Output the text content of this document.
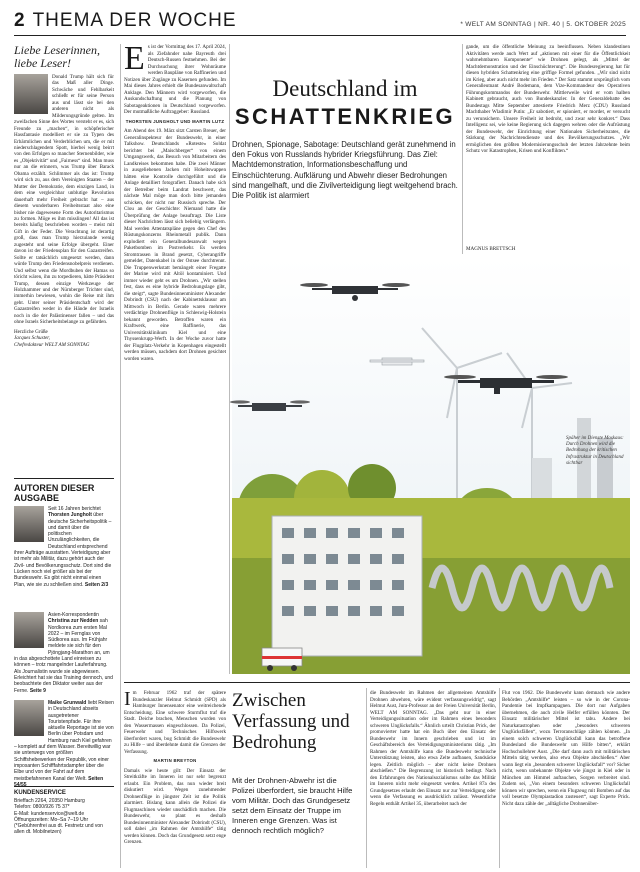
2 THEMA DER WOCHE	* WELT AM SONNTAG | NR. 40 | 5. OKTOBER 2025
Liebe Leserinnen, liebe Leser!
Donald Trump hält sich für das Maß aller Dinge. Schwäche und Fehlbarkeit schließt er für seine Person aus und lässt sie bei den anderen nicht als Milderungsgründe gelten. Im zweifachen Sinne des Wortes versteht er es, sich Freunde zu „machen“, in schöpferischer Hassfantasie modelliert er sie zu Typen des Erbärmlichen und Verderblichen um, die er mit niederschlagendem Spott, hierbei wenig beirrt von den Erfolgen so mancher Sternenbilder, wie es „Objektivität“ und „Fairness“ sind. Man muss nur an die erinnern, was Trump über Barack Obama erzählt. Schlimmer als das ist: Trump wird sich zu, aus dem Vereinigten Staaten – der Mutter der Demokratie, dem einzigen Land, in dem eine vergleichbar unblutige Revolution dauerhaft mehr Freiheit gebracht hat – aus diesem wunderbaren Freiheitsstaat also eine bisher nie dagewesene Form des Autoritarismus zu formen. Möge es ihm misslingen! All das ist bereits häufig beschrieben worden – meist mit Gift in der Feder. Die Verachtung ist derartig groß, dass man Trump hierzulande wenig zugesteht und seine Erfolge übergeht. Einer davon ist der Friedensplan für den Gazastreifen. Sollte er tatsächlich umgesetzt werden, dann würde Trump den Friedensnobelpreis verdienen. Und selbst wenn die Mordbuben der Hamas so töricht wären, ihn zu torpedieren, hätte Präsident Trump, dessen einzige Werkzeuge der Holzhammer und der Nürnberger Trichter sind, immerhin bewiesen, wohin die Reise mit ihm geht. Unter seiner Präsidentschaft wird der Gazastreifen weder in die Hände der Israelis noch in die der Palästinenser fallen – und das ohne Israels Sicherheitsbelange zu gefährden.

Herzliche Grüße

Jacques Schuster,

Chefredakteur WELT AM SONNTAG

AUTOREN DIESER AUSGABE
Seit 16 Jahren berichtet Thorsten Jungholt über deutsche Sicherheitspolitik – und damit über die politischen Unzulänglichkeiten, die Deutschland entsprechend ihrer Aufträge ausstatten. Verteidigung aber ist mehr als Militär, dazu gehört auch der Zivil- und Bevölkerungsschutz. Dort sind die Lücken noch viel größer als bei der Bundeswehr. Es gibt nicht einmal einen Plan, wie sie zu schließen sind. Seiten 2/3
Asien-Korrespondentin Christina zur Nedden sah Nordkorea zum ersten Mal 2022 – im Fernglas von Südkorea aus. Im Frühjahr meldete sie sich für den Pjöngjang-Marathon an, um in das abgeschottete Land einreisen zu können – trotz mangelnder Lauferfahrung. Als Journalistin wurde sie abgewiesen. Erleichtert hat sie das Training dennoch, und beobachtete den Diktator weiter aus der Ferne. Seite 9
Maike Grunwald liebt Reisen in Deutschland abseits ausgetretener Touristenpfade. Für ihre aktuelle Reportage ist sie von Berlin über Potsdam und Hamburg nach Kiel gefahren – komplett auf dem Wasser. Bereitwillig war sie unterwegs von größten Schiffshebewerken der Republik, von einer imposanten Schifffahrtsdampfer über die Elbe und von der Fahrt auf dem meistbefahrenen Kanal der Welt. Seiten 54/55
KUNDENSERVICE
Brieffach 2264, 20350 Hamburg
Telefon: 0800/926 75 37*
E-Mail: kundenservice@welt.de
Öffnungszeiten: Mo–Sa 7–19 Uhr
(*Gebührenfrei aus dt. Festnetz und von allen dt. Mobilnetzen)
E s ist der Vormittag des 17. April 2024, als Ziefahnder nahe Bayreuth drei Deutsch-Russen festnehmen. Bei der Durchsuchung ihrer Wohnräume werden Baupläne von Raffinerien und Notizen über Zugänge zu Kasernen gefunden. Im Mai dieses Jahres erhielt die Bundesanwaltschaft Anklage. Den Männern wird vorgeworfen, die Auskundschaftung und die Planung von Sabotageaktionen in Deutschland vorgeworfen. Der mutmaßliche Auftraggeber: Russland.
THORSTEN JUNGHOLT UND MARTIN LUTZ
Am Abend des 19. März sitzt Carsten Breuer, der Generalinspekteur der Bundeswehr, in einer Talkshow. Deutschlands »Roteste« Soldat berichtet bei „Maischberger“ von einem Umgangswerk, das Besuch von Mitarbeitern des Landkreises bekommen habe. Die zwei Männer in ausgeliehenen Jacken mit Hoheitswappen hätten eine Kontrolle durchgeführt und die Anlage detailliert fotografiert. Danach habe sich der Betreiber beim Landrat beschwert, das nächste Mal möge man doch bitte jemanden schicken, der nicht nur Russisch spreche. Der Clou an der Geschichte: Niemand hatte die Überprüfung der Anlage beauftragt. Die Liste dieser Nachrichten lässt sich beliebig verlängern. Mal werden Attentatspläne gegen den Chef des Rüstungskonzerns Rheinmetall publik. Dann explodiert ein Generalbundesanwalt wegen Paketbomben im Postverkehr. Es werden Stromtrassen in Brand gesetzt, Cyberangriffe gemeldet, Datenkabel in der Ostsee durchtrennt. Die Truppenwerkstatt bemängelt einer Fregatte der Marine wird mit Altöl kontaminiert. Und immer wieder geht es um Drohnen. „Wir stellen fest, dass es eine hybride Bedrohungslage gibt, die steigt“, sagte Bundesinnenminister Alexander Dobrindt (CSU) nach der Kabinettsklausur am Mittwoch in Berlin. Gerade waren mehrere verdächtige Drohnenflüge in Schleswig-Holstein bekannt geworden. Betroffen waren ein Kraftwerk, eine Raffinerie, das Universitätsklinikum Kiel und eine Thyssenkrupp-Werft. In der Woche zuvor hatte der Flugplatz-Verkehr in Kopenhagen eingestellt werden müssen, nachdem dort Drohnen gesichtet worden waren.
Deutschland im
SCHATTENKRIEG
Drohnen, Spionage, Sabotage: Deutschland gerät zunehmend in den Fokus von Russlands hybrider Kriegsführung. Das Ziel: Machtdemonstration, Informationsbeschaffung und Einschüchterung. Aufklärung und Abwehr dieser Bedrohungen sind mangelhaft, und die Zivilverteidigung liegt weitgehend brach. Die Politik ist alarmiert
gande, um die öffentliche Meinung zu beeinflussen. Neben klandestinen Aktivitäten werde auch Wert auf „aktionen mit einer für die Öffentlichkeit wahrnehmbaren Komponente“ wie Drohnen gelegt, als „Mittel der Machtdemonstration und der Einschüchterung“. Die Bundesregierung hat für diesen hybriden Schattenkrieg eine griffige Formel gefunden. „Wir sind nicht im Krieg, aber auch nicht mehr im Frieden.“ Der Satz stammt ursprünglich vom Generalleutnant André Bodemann, dem Vize-Kommandeur des Operativen Führungskommandos der Bundeswehr. Mittlerweile wird er vom halben Kabinett gebraucht, auch von Bundeskanzler. In der Generaldebatte des Bundestags Mitte September attestierte Friedrich Merz (CDU) Russland Machthaber Wladimir Putin: „Er sabotiert, er spioniert, er mordet, er versucht zu verunsichern. Unsere Freiheit ist bedroht, und zwar sehr konkret.“ Dass Intelligenz sei, wie keine Regierung sich dagegen wehren oder die Aufrüstung der Bundeswehr, der Einrichtung einer Nationalen Sicherheitsrates, die Stärkung der Nachrichtendienste und des Bevölkerungsschutzes. „Wir ermöglichen den größten Modernisierungsschub der letzten Jahrzehnte beim Schutz vor Katastrophen, Krisen und Konflikten.“
Späher im Dienste Moskaus: Durch Drohnen wird die Bedrohung der kritischen Infrastruktur in Deutschland sichtbar
Zwischen Verfassung und Bedrohung
Mit der Drohnen-Abwehr ist die Polizei überfordert, sie braucht Hilfe vom Militär. Doch das Grundgesetz setzt dem Einsatz der Truppe im Inneren enge Grenzen. Was ist dennoch rechtlich möglich?
I m Februar 1962 traf der spätere Bundeskanzler Helmut Schmidt (SPD) als Hamburger Innensenator eine weitreichende Entscheidung. Eine schwere Sturmflut traf die Stadt. Deiche brachen, Menschen wurden von den Wassermassen eingeschlossen. Da Polizei, Feuerwehr und Technisches Hilfswerk überfordert waren, bog Schmidt die Bundeswehr zu Hilfe – und überdehnte damit die Grenzen der Verfassung.
MARTIN BREYTON
Damals wie heute gilt: Der Einsatz der Streitkräfte im Inneren ist nur sehr begrenzt erlaubt. Ein Problem, das nun wieder breit diskutiert wird. Wegen zunehmender Drohnenflüge in jüngster Zeit ist die Politik alarmiert. Bislang kann allein die Polizei die Flugmaschinen wieder unschädlich machen. Die Bundeswehr, so plant es deshalb Bundesinnenminister Alexander Dobrindt (CSU), soll dabei „im Rahmen der Amtshilfe“ tätig werden können. Doch das Grundgesetz setzt enge Grenzen.
die Bundeswehr im Rahmen der allgemeinen Amtshilfe Drohnen abwehren, wäre evident verfassungswidrig“, sagt Helmut Aust, Jura-Professor an der Freien Universität Berlin, WELT AM SONNTAG. „Das geht nur in einer Verteidigungssituation oder im Rahmen eines besonders schweren Unglücksfalls.“ Ähnlich urteilt Christian Prick, der promovierter hatte hat ein Buch über den Einsatz der Bundeswehr im Innern geschrieben und ist im Geschäftsbereich des Verteidigungsministeriums tätig. „Im Rahmen der Amtshilfe kann die Bundeswehr technische Unterstützung leisten, also etwa Zelte aufbauen, Sandsäcke legen. Zeitlich möglich – aber nicht keine Drohnen abschießen.“ Die Begrenzung ist historisch bedingt. Nach den Erfahrungen des Nationalsozialismus sollte das Militär im Inneren nicht mehr eingesetzt werden. Artikel 87a des Grundgesetzes erlaubt den Einsatz nur zur Verteidigung oder wenn die Verfassung es ausdrücklich zulässt. Wesentliche Regeln enthält Artikel 35, überarbeitet nach der
Flut von 1962. Die Bundeswehr kann demnach wie andere Behörden „Amtshilfe“ leisten – so wie in der Corona-Pandemie bei Impfkampagnen. Die dort nur Aufgaben übernehmen, die auch zivile Helfer erfüllen könnten. Der Einsatz militärischer Mittel ist tabu. Andere bei Naturkatastrophen oder „besonders schweren Unglücksfällen“, wozu Terroranschläge zählen können. „In einem solch schweren Unglücksfall kann das betroffene Bundesland die Bundeswehr um Hilfe bitten“, erklärt Hochschullehrer Aust. „Die darf dann auch mit militärischen Mitteln tätig werden, also etwa Objekte abschießen.“ Aber wann liegt ein „besonders schwerer Unglücksfall“ vor? Sicher nicht, wenn unbekannte Objekte wie jüngst in Kiel oder in München am Himmel auftauchen, Sorgen verbreitet sind. Zudem sei, „Von einem besonders schweren Unglücksfall können wir sprechen, wenn ein Flugzeug mit Bomben auf das voll besetzte Olympiastadion zusteuert“, sagt Experte Prick. Nicht dazu zähle der „alltägliche Drohnenüber-
MAGNUS BRETTSCH
